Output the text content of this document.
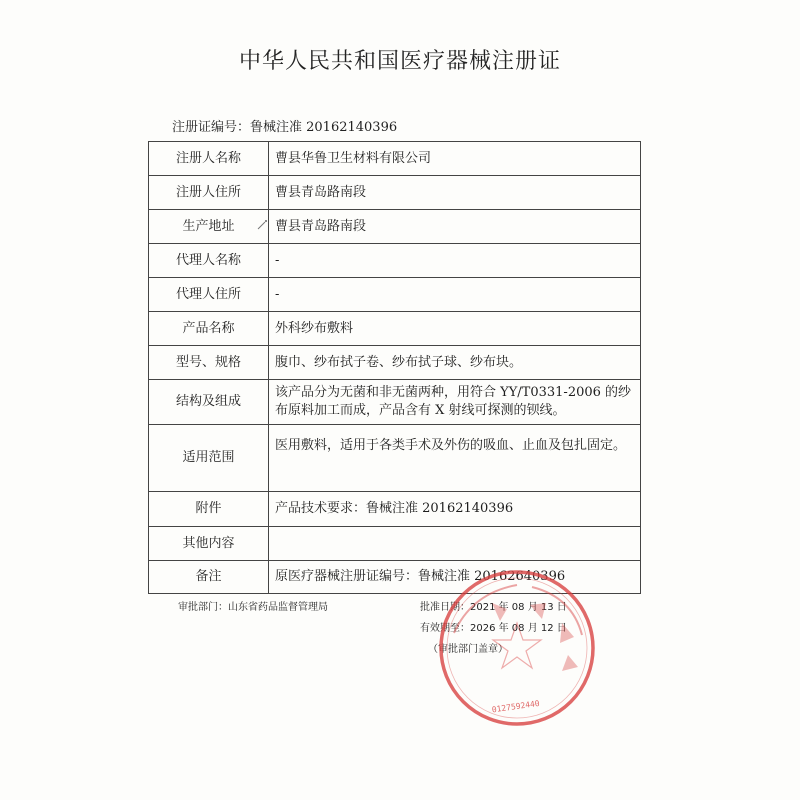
中华人民共和国医疗器械注册证
注册证编号：鲁械注准 20162140396
注册人名称	曹县华鲁卫生材料有限公司
注册人住所	曹县青岛路南段
生产地址	曹县青岛路南段
代理人名称	-
代理人住所	-
产品名称	外科纱布敷料
型号、规格	腹巾、纱布拭子卷、纱布拭子球、纱布块。
结构及组成	该产品分为无菌和非无菌两种，用符合 YY/T0331-2006 的纱布原料加工而成，产品含有 X 射线可探测的钡线。
适用范围	医用敷料，适用于各类手术及外伤的吸血、止血及包扎固定。
附件	产品技术要求：鲁械注准 20162140396
其他内容	
备注	原医疗器械注册证编号：鲁械注准 20162640396
审批部门：山东省药品监督管理局	批准日期：2021 年 08 月 13 日
有效期至：2026 年 08 月 12 日
（审批部门盖章）
0127592440
